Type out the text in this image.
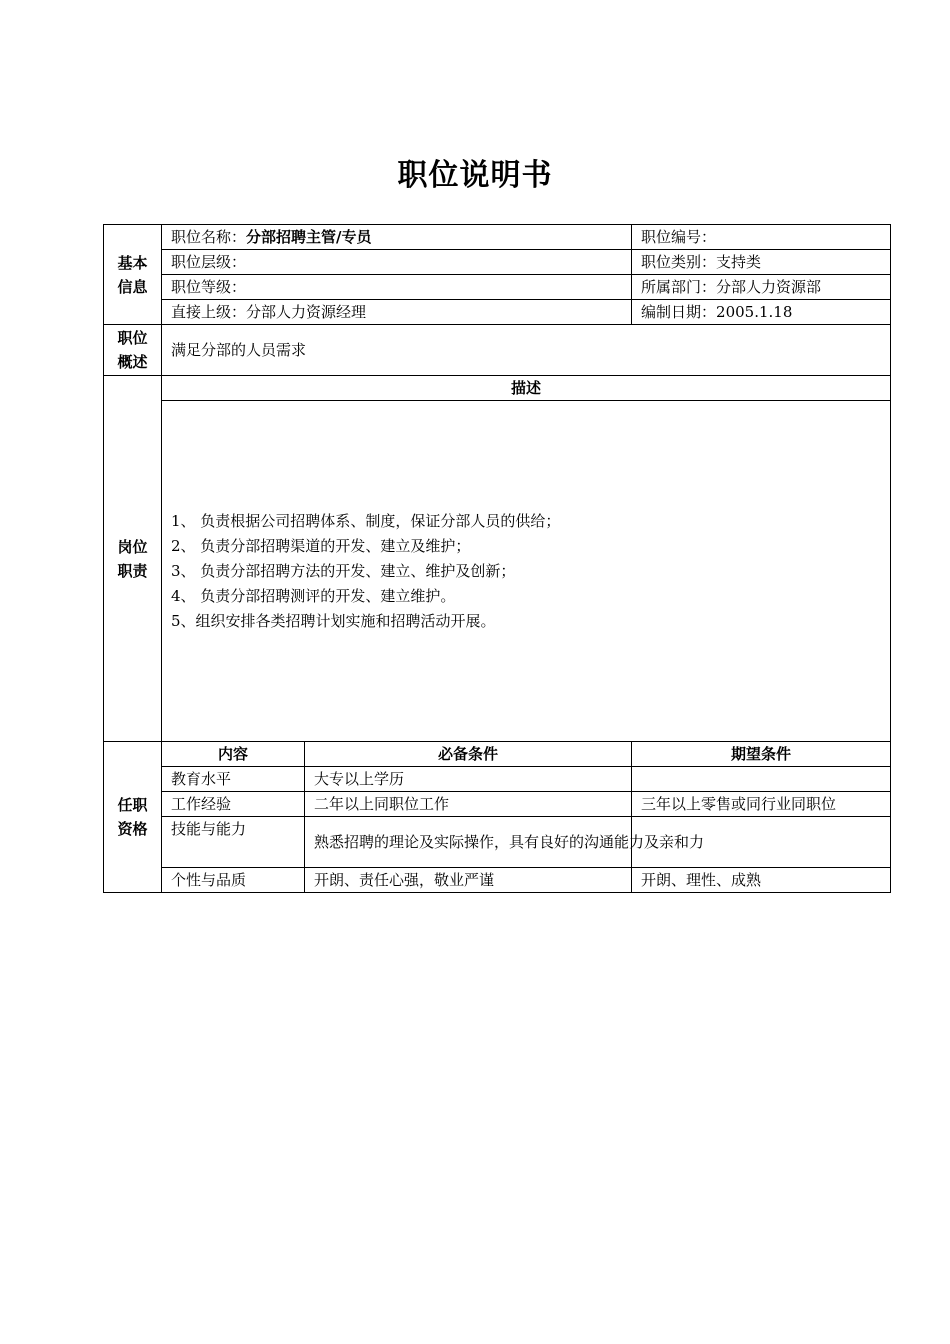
职位说明书
基本
信息	职位名称：分部招聘主管/专员		职位编号：
	职位层级：		职位类别：支持类
	职位等级：		所属部门：分部人力资源部
	直接上级：分部人力资源经理		编制日期：2005.1.18

职位
概述	满足分部的人员需求		

岗位
职责	描述		

	1、 负责根据公司招聘体系、制度，保证分部人员的供给；
2、 负责分部招聘渠道的开发、建立及维护；
3、 负责分部招聘方法的开发、建立、维护及创新；
4、 负责分部招聘测评的开发、建立维护。
5、组织安排各类招聘计划实施和招聘活动开展。		

任职
资格	内容	必备条件	期望条件
	教育水平	大专以上学历	
	工作经验	二年以上同职位工作	三年以上零售或同行业同职位
	技能与能力	熟悉招聘的理论及实际操作，具有良好的沟通能力及亲和力	
	个性与品质	开朗、责任心强，敬业严谨	开朗、理性、成熟
